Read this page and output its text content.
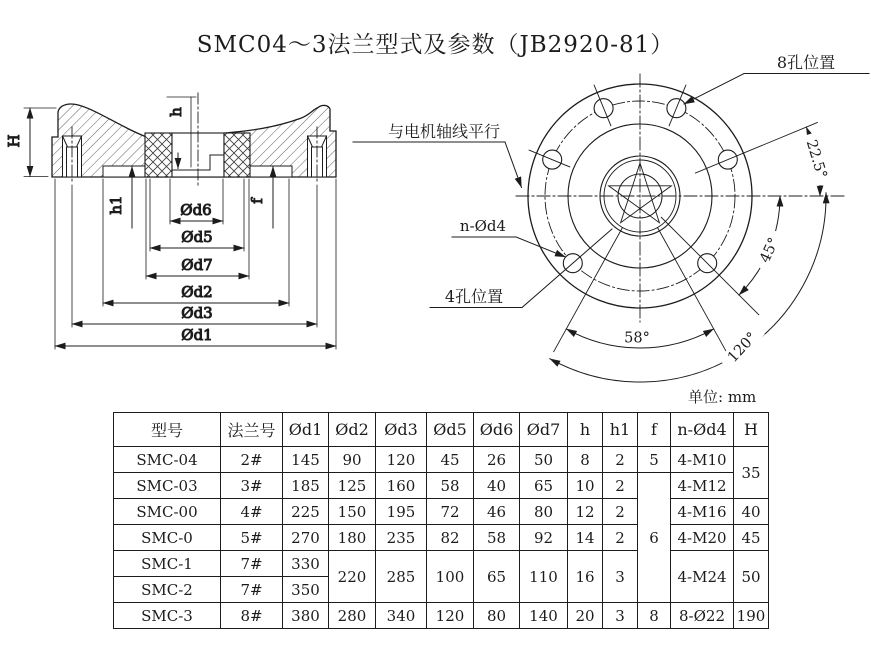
SMC04～3法兰型式及参数（JB2920-81）
H
h
h1	f
Ød6
Ød5
Ød7
Ød2
Ød3
Ød1	58°	120°
45°
22.5°
8孔位置
与电机轴线平行
n-Ød4
4孔位置
单位: mm
型号	法兰号	Ød1	Ød2	Ød3	Ød5	Ød6	Ød7	h	h1	f	n-Ød4	H
SMC-04	2#	145	90	120	45	26	50	8	2	5	4-M10	35
SMC-03	3#	185	125	160	58	40	65	10	2	6	4-M12	
SMC-00	4#	225	150	195	72	46	80	12	2		4-M16	40
SMC-0	5#	270	180	235	82	58	92	14	2		4-M20	45
SMC-1	7#	330	220	285	100	65	110	16	3		4-M24	50
SMC-2	7#	350										
SMC-3	8#	380	280	340	120	80	140	20	3	8	8-Ø22	190
